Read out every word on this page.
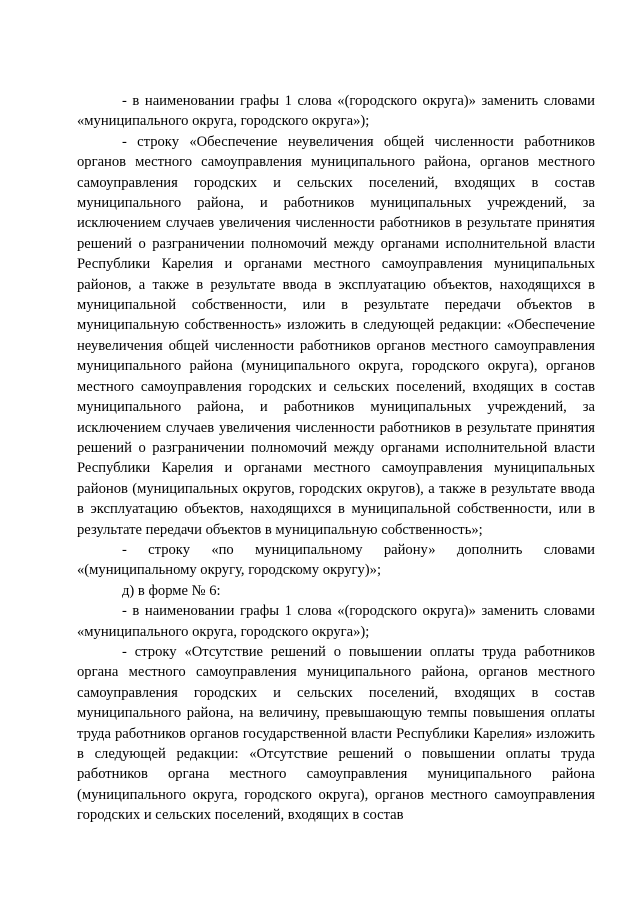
- в наименовании графы 1 слова «(городского округа)» заменить словами «муниципального округа, городского округа»);

- строку «Обеспечение неувеличения общей численности работников органов местного самоуправления муниципального района, органов местного самоуправления городских и сельских поселений, входящих в состав муниципального района, и работников муниципальных учреждений, за исключением случаев увеличения численности работников в результате принятия решений о разграничении полномочий между органами исполнительной власти Республики Карелия и органами местного самоуправления муниципальных районов, а также в результате ввода в эксплуатацию объектов, находящихся в муниципальной собственности, или в результате передачи объектов в муниципальную собственность» изложить в следующей редакции: «Обеспечение неувеличения общей численности работников органов местного самоуправления муниципального района (муниципального округа, городского округа), органов местного самоуправления городских и сельских поселений, входящих в состав муниципального района, и работников муниципальных учреждений, за исключением случаев увеличения численности работников в результате принятия решений о разграничении полномочий между органами исполнительной власти Республики Карелия и органами местного самоуправления муниципальных районов (муниципальных округов, городских округов), а также в результате ввода в эксплуатацию объектов, находящихся в муниципальной собственности, или в результате передачи объектов в муниципальную собственность»;

- строку «по муниципальному району» дополнить словами «(муниципальному округу, городскому округу)»;

д) в форме № 6:

- в наименовании графы 1 слова «(городского округа)» заменить словами «муниципального округа, городского округа»);

- строку «Отсутствие решений о повышении оплаты труда работников органа местного самоуправления муниципального района, органов местного самоуправления городских и сельских поселений, входящих в состав муниципального района, на величину, превышающую темпы повышения оплаты труда работников органов государственной власти Республики Карелия» изложить в следующей редакции: «Отсутствие решений о повышении оплаты труда работников органа местного самоуправления муниципального района (муниципального округа, городского округа), органов местного самоуправления городских и сельских поселений, входящих в состав
